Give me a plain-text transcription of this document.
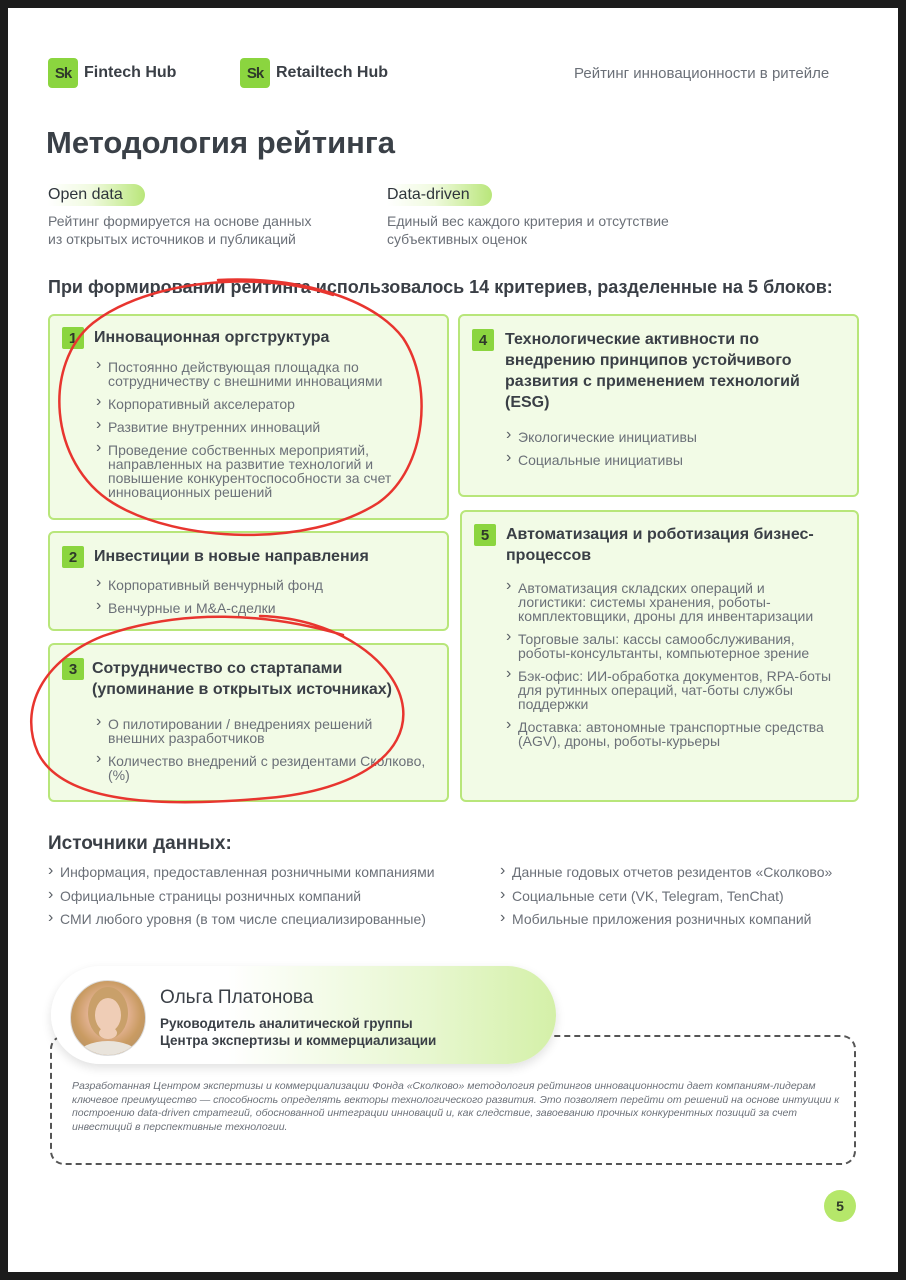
Sk Fintech Hub	Sk Retailtech Hub	Рейтинг инновационности в ритейле
Методология рейтинга
Open data
Рейтинг формируется на основе данных
из открытых источников и публикаций
Data-driven
Единый вес каждого критерия и отсутствие
субъективных оценок
При формировании рейтинга использовалось 14 критериев, разделенные на 5 блоков:
1	Инновационная оргструктура
› Постоянно действующая площадка по сотрудничеству с внешними инновациями
› Корпоративный акселератор
› Развитие внутренних инноваций
› Проведение собственных мероприятий, направленных на развитие технологий и повышение конкурентоспособности за счет инновационных решений
2	Инвестиции в новые направления
› Корпоративный венчурный фонд
› Венчурные и M&A-сделки
3 Сотрудничество со стартапами (упоминание в открытых источниках)
› О пилотировании / внедрениях решений внешних разработчиков
› Количество внедрений с резидентами Сколково, (%)
4	Технологические активности по внедрению принципов устойчивого развития с применением технологий (ESG)
› Экологические инициативы
› Социальные инициативы
5	Автоматизация и роботизация бизнес-процессов
› Автоматизация складских операций и логистики: системы хранения, роботы-комплектовщики, дроны для инвентаризации
› Торговые залы: кассы самообслуживания, роботы-консультанты, компьютерное зрение
› Бэк-офис: ИИ-обработка документов, RPA-боты для рутинных операций, чат-боты службы поддержки
› Доставка: автономные транспортные средства (AGV), дроны, роботы-курьеры
Источники данных:
› Информация, предоставленная розничными компаниями
› Официальные страницы розничных компаний
› СМИ любого уровня (в том числе специализированные)
› Данные годовых отчетов резидентов «Сколково»
› Социальные сети (VK, Telegram, TenChat)
› Мобильные приложения розничных компаний
Разработанная Центром экспертизы и коммерциализации Фонда «Сколково» методология рейтингов инновационности дает компаниям-лидерам ключевое преимущество — способность определять векторы технологического развития. Это позволяет перейти от решений на основе интуиции к построению data-driven стратегий, обоснованной интеграции инноваций и, как следствие, завоеванию прочных конкурентных позиций за счет инвестиций в перспективные технологии.
Ольга Платонова
Руководитель аналитической группы
Центра экспертизы и коммерциализации
5
